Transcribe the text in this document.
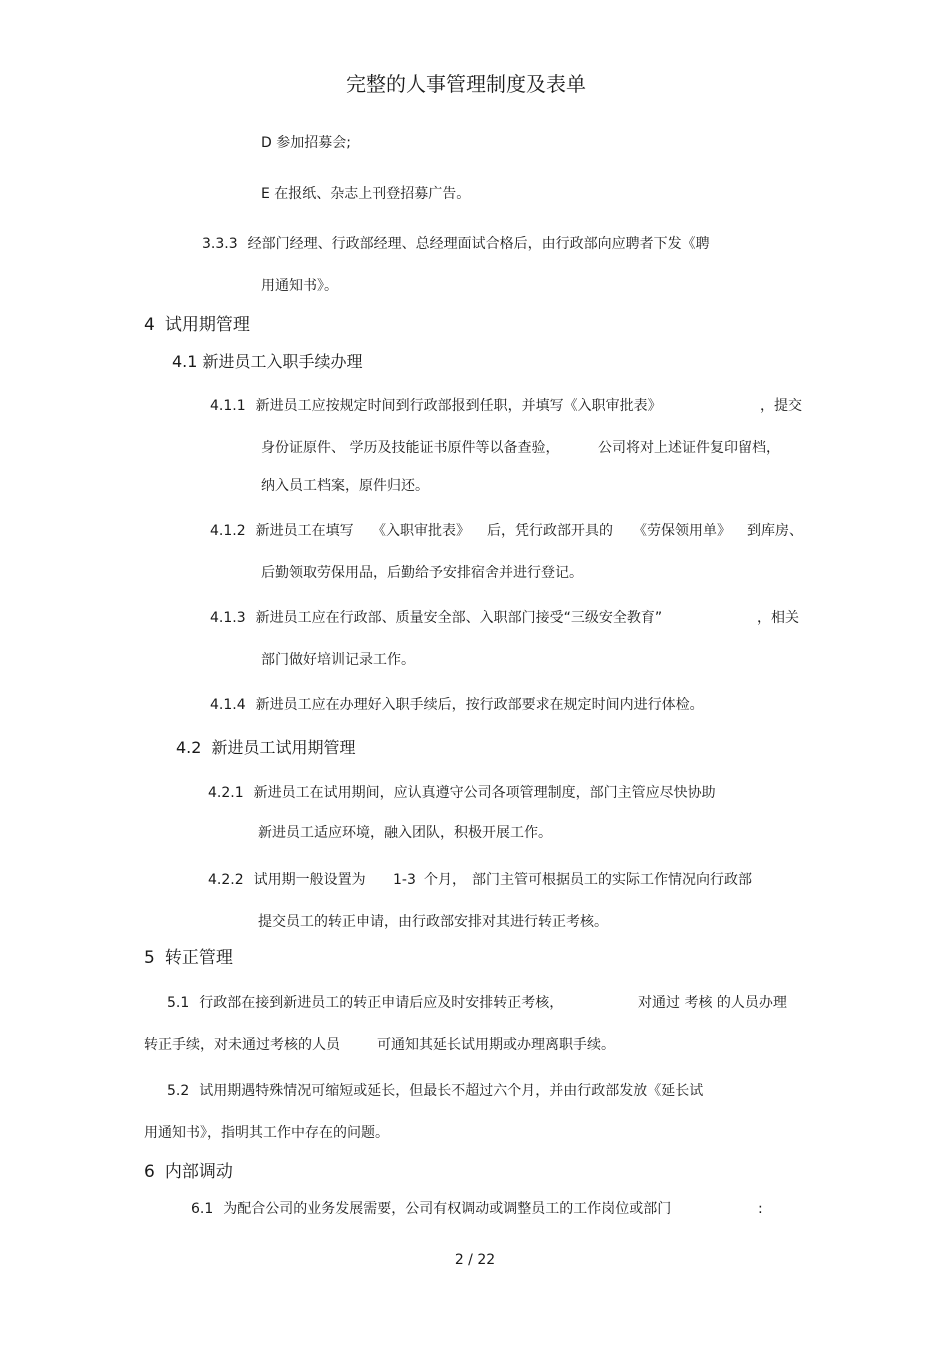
完整的人事管理制度及表单
D 参加招募会;
E 在报纸、杂志上刊登招募广告。
3.3.3 经部门经理、行政部经理、总经理面试合格后，由行政部向应聘者下发《聘
用通知书》。
4 试用期管理
4.1 新进员工入职手续办理
4.1.1 新进员工应按规定时间到行政部报到任职，并填写《入职审批表》	，提交
身份证原件、 学历及技能证书原件等以备查验，	公司将对上述证件复印留档，
纳入员工档案，原件归还。
4.1.2 新进员工在填写 《入职审批表》 后，凭行政部开具的 《劳保领用单》 到库房、
后勤领取劳保用品，后勤给予安排宿舍并进行登记。
4.1.3 新进员工应在行政部、质量安全部、入职部门接受“三级安全教育”	，相关
部门做好培训记录工作。
4.1.4 新进员工应在办理好入职手续后，按行政部要求在规定时间内进行体检。
4.2 新进员工试用期管理
4.2.1 新进员工在试用期间，应认真遵守公司各项管理制度，部门主管应尽快协助
新进员工适应环境，融入团队，积极开展工作。
4.2.2 试用期一般设置为 1-3 个月， 部门主管可根据员工的实际工作情况向行政部
提交员工的转正申请，由行政部安排对其进行转正考核。
5 转正管理
5.1 行政部在接到新进员工的转正申请后应及时安排转正考核，	对通过 考核 的人员办理
转正手续，对未通过考核的人员	可通知其延长试用期或办理离职手续。
5.2 试用期遇特殊情况可缩短或延长，但最长不超过六个月，并由行政部发放《延长试
用通知书》，指明其工作中存在的问题。
6 内部调动
6.1 为配合公司的业务发展需要，公司有权调动或调整员工的工作岗位或部门	:
2 / 22
